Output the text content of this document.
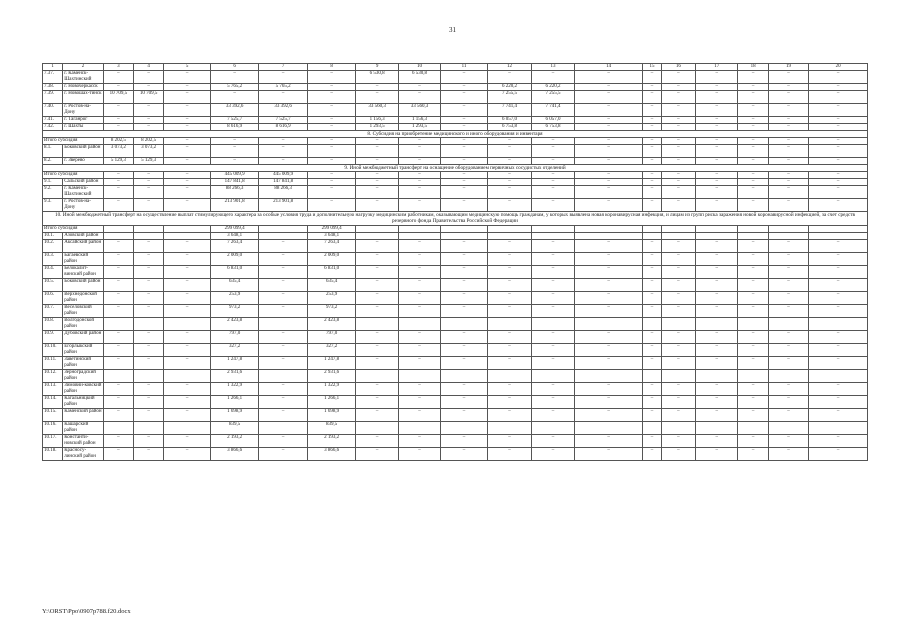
31
1	2	3	4	5	6	7	8	9	10	11	12	13	14	15	16	17	18	19	20
7.37.	г. Каменск-Шахтинский	–	–	–	–	–	–	6 530,8	6 530,8	–	–	–	–	–	–	–	–	–	–
7.38.	г. Новочеркасск	–	–	–	5 765,2	5 765,2	–	–	–	–	6 220,2	6 220,2	–	–	–	–	–	–	–
7.39.	г. Новошах-тинск	10 709,5	10 709,5	–	–	–	–	–	–	–	7 255,5	7 255,5	–	–	–	–	–	–	–
7.40.	г. Ростов-на-Дону	–	–	–	33 392,6	33 392,6	–	33 560,3	33 560,3	–	7 741,4	7 741,4	–	–	–	–	–	–	–
7.41.	г. Таганрог	–	–	–	7 525,7	7 525,7	–	1 156,3	1 156,3	–	6 057,0	6 057,0	–	–	–	–	–	–	–
7.42.	г. Шахты	–	–	–	8 616,9	8 616,9	–	1 293,5	1 293,5	–	6 753,8	6 753,8	–	–	–	–	–	–	–
8. Субсидия на приобретение медицинского и иного оборудования и инвентаря																			
Итого субсидия		8 202,5	8 202,5	–	–	–	–	–	–	–	–	–	–	–	–	–	–	–	–
8.1.	Боковский район	3 073,2	3 073,2	–	–	–	–	–	–	–	–	–	–	–	–	–	–	–	–
8.2.	г. Зверево	5 129,3	5 129,3	–	–	–	–	–	–	–	–	–	–	–	–	–	–	–	–
9. Иной межбюджетный трансферт на оснащение оборудованием первичных сосудистых отделений																			
Итого субсидия		–	–	–	445 009,9	445 009,9	–	–	–	–	–	–	–	–	–	–	–	–	–
9.1.	Сальский район	–	–	–	147 841,8	147 841,8	–	–	–	–	–	–	–	–	–	–	–	–	–
9.2.	г. Каменск-Шахтинский	–	–	–	88 266,3	88 266,3	–	–	–	–	–	–	–	–	–	–	–	–	–
9.3.	г. Ростов-на-Дону	–	–	–	213 901,8	213 901,8	–	–	–	–	–	–	–	–	–	–	–	–	–
10. Иной межбюджетный трансферт на осуществление выплат стимулирующего характера за особые условия труда и дополнительную нагрузку медицинским работникам, оказывающим медицинскую помощь гражданам, у которых выявлена новая коронавирусная инфекция, и лицам из групп риска заражения новой коронавирусной инфекцией, за счет средств резервного фонда Правительства Российской Федерации																			
Итого субсидия					299 099,4		299 099,4												
10.1.	Азовский район				3 648,1		3 648,1												
10.2.	Аксайский район	–	–	–	7 263,4	–	7 263,4	–	–	–	–	–	–	–	–	–	–	–	–
10.3.	Багаевский район	–	–	–	2 009,0	–	2 009,0	–	–	–	–	–	–	–	–	–	–	–	–
10.4.	Белокалит-винский район	–	–	–	6 831,0	–	6 831,0	–	–	–	–	–	–	–	–	–	–	–	–
10.5.	Боковский район	–	–	–	635,4	–	635,4	–	–	–	–	–	–	–	–	–	–	–	–
10.6.	Верхнедонской район	–	–	–	253,9	–	253,9	–	–	–	–	–	–	–	–	–	–	–	–
10.7.	Веселовский район	–	–	–	973,2	–	973,2	–	–	–	–	–	–	–	–	–	–	–	–
10.8.	Волгодонской район				2 423,8		2 423,8												
10.9.	Дубовский район	–	–	–	797,0	–	797,0	–	–	–	–	–	–	–	–	–	–	–	–
10.10.	Егорлыкский район	–	–	–	327,2	–	327,2	–	–	–	–	–	–	–	–	–	–	–	–
10.11.	Заветинский район	–	–	–	1 247,8	–	1 247,8	–	–	–	–	–	–	–	–	–	–	–	–
10.12.	Зерноградский район				2 931,6		2 931,6												
10.13.	Зимовни-ковский район	–	–	–	1 322,9	–	1 322,9	–	–	–	–	–	–	–	–	–	–	–	–
10.14.	Кагальницкий район	–	–	–	1 266,1	–	1 266,1	–	–	–	–	–	–	–	–	–	–	–	–
10.15.	Каменский район	–	–	–	1 698,9	–	1 698,9	–	–	–	–	–	–	–	–	–	–	–	–
10.16.	Кашарский район				839,5		839,5												
10.17.	Константи-новский район	–	–	–	2 193,2	–	2 193,2	–	–	–	–	–	–	–	–	–	–	–	–
10.18.	Красносу-линский район	–	–	–	3 866,6	–	3 866,6	–	–	–	–	–	–	–	–	–	–	–	–
Y:\ORST\Ppo\0907p788.f20.docx
